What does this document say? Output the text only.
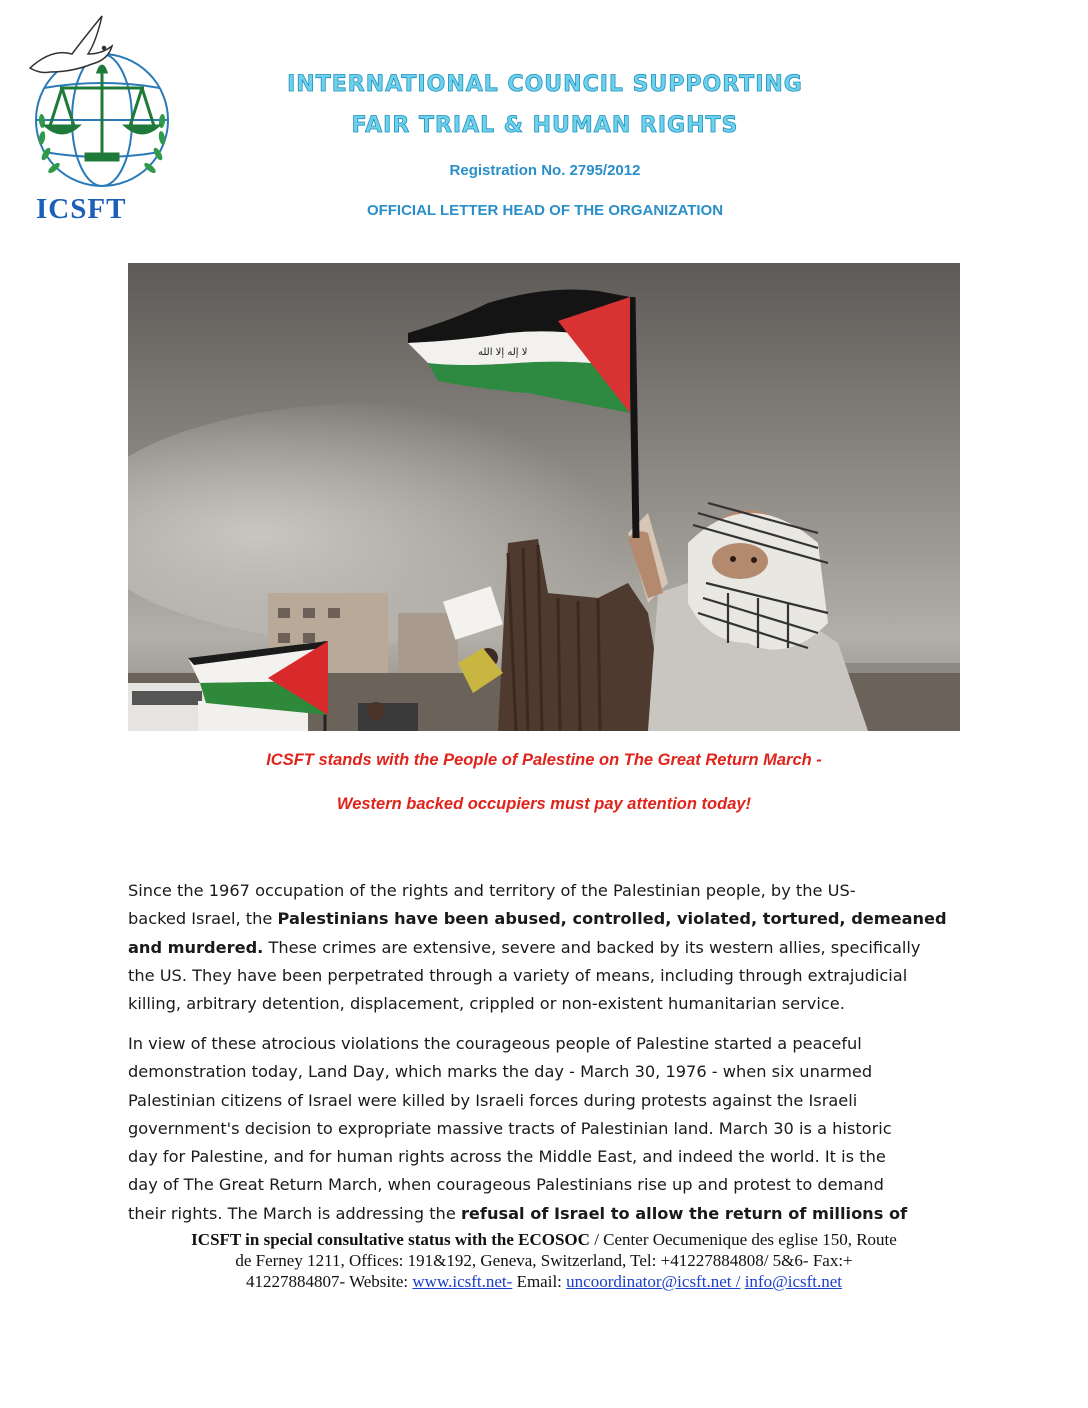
ICSFT
INTERNATIONAL COUNCIL SUPPORTING
FAIR TRIAL & HUMAN RIGHTS
Registration No. 2795/2012
OFFICIAL LETTER HEAD OF THE ORGANIZATION
ﻻ إله إلا الله
ICSFT stands with the People of Palestine on The Great Return March -
Western backed occupiers must pay attention today!
Since the 1967 occupation of the rights and territory of the Palestinian people, by the US-
backed Israel, the Palestinians have been abused, controlled, violated, tortured, demeaned
and murdered. These crimes are extensive, severe and backed by its western allies, specifically
the US. They have been perpetrated through a variety of means, including through extrajudicial
killing, arbitrary detention, displacement, crippled or non-existent humanitarian service.
In view of these atrocious violations the courageous people of Palestine started a peaceful
demonstration today, Land Day, which marks the day - March 30, 1976 - when six unarmed
Palestinian citizens of Israel were killed by Israeli forces during protests against the Israeli
government's decision to expropriate massive tracts of Palestinian land. March 30 is a historic
day for Palestine, and for human rights across the Middle East, and indeed the world. It is the
day of The Great Return March, when courageous Palestinians rise up and protest to demand
their rights. The March is addressing the refusal of Israel to allow the return of millions of
ICSFT in special consultative status with the ECOSOC / Center Oecumenique des eglise 150, Route
de Ferney 1211, Offices: 191&192, Geneva, Switzerland, Tel: +41227884808/ 5&6- Fax:+
41227884807- Website: www.icsft.net- Email: uncoordinator@icsft.net / info@icsft.net
